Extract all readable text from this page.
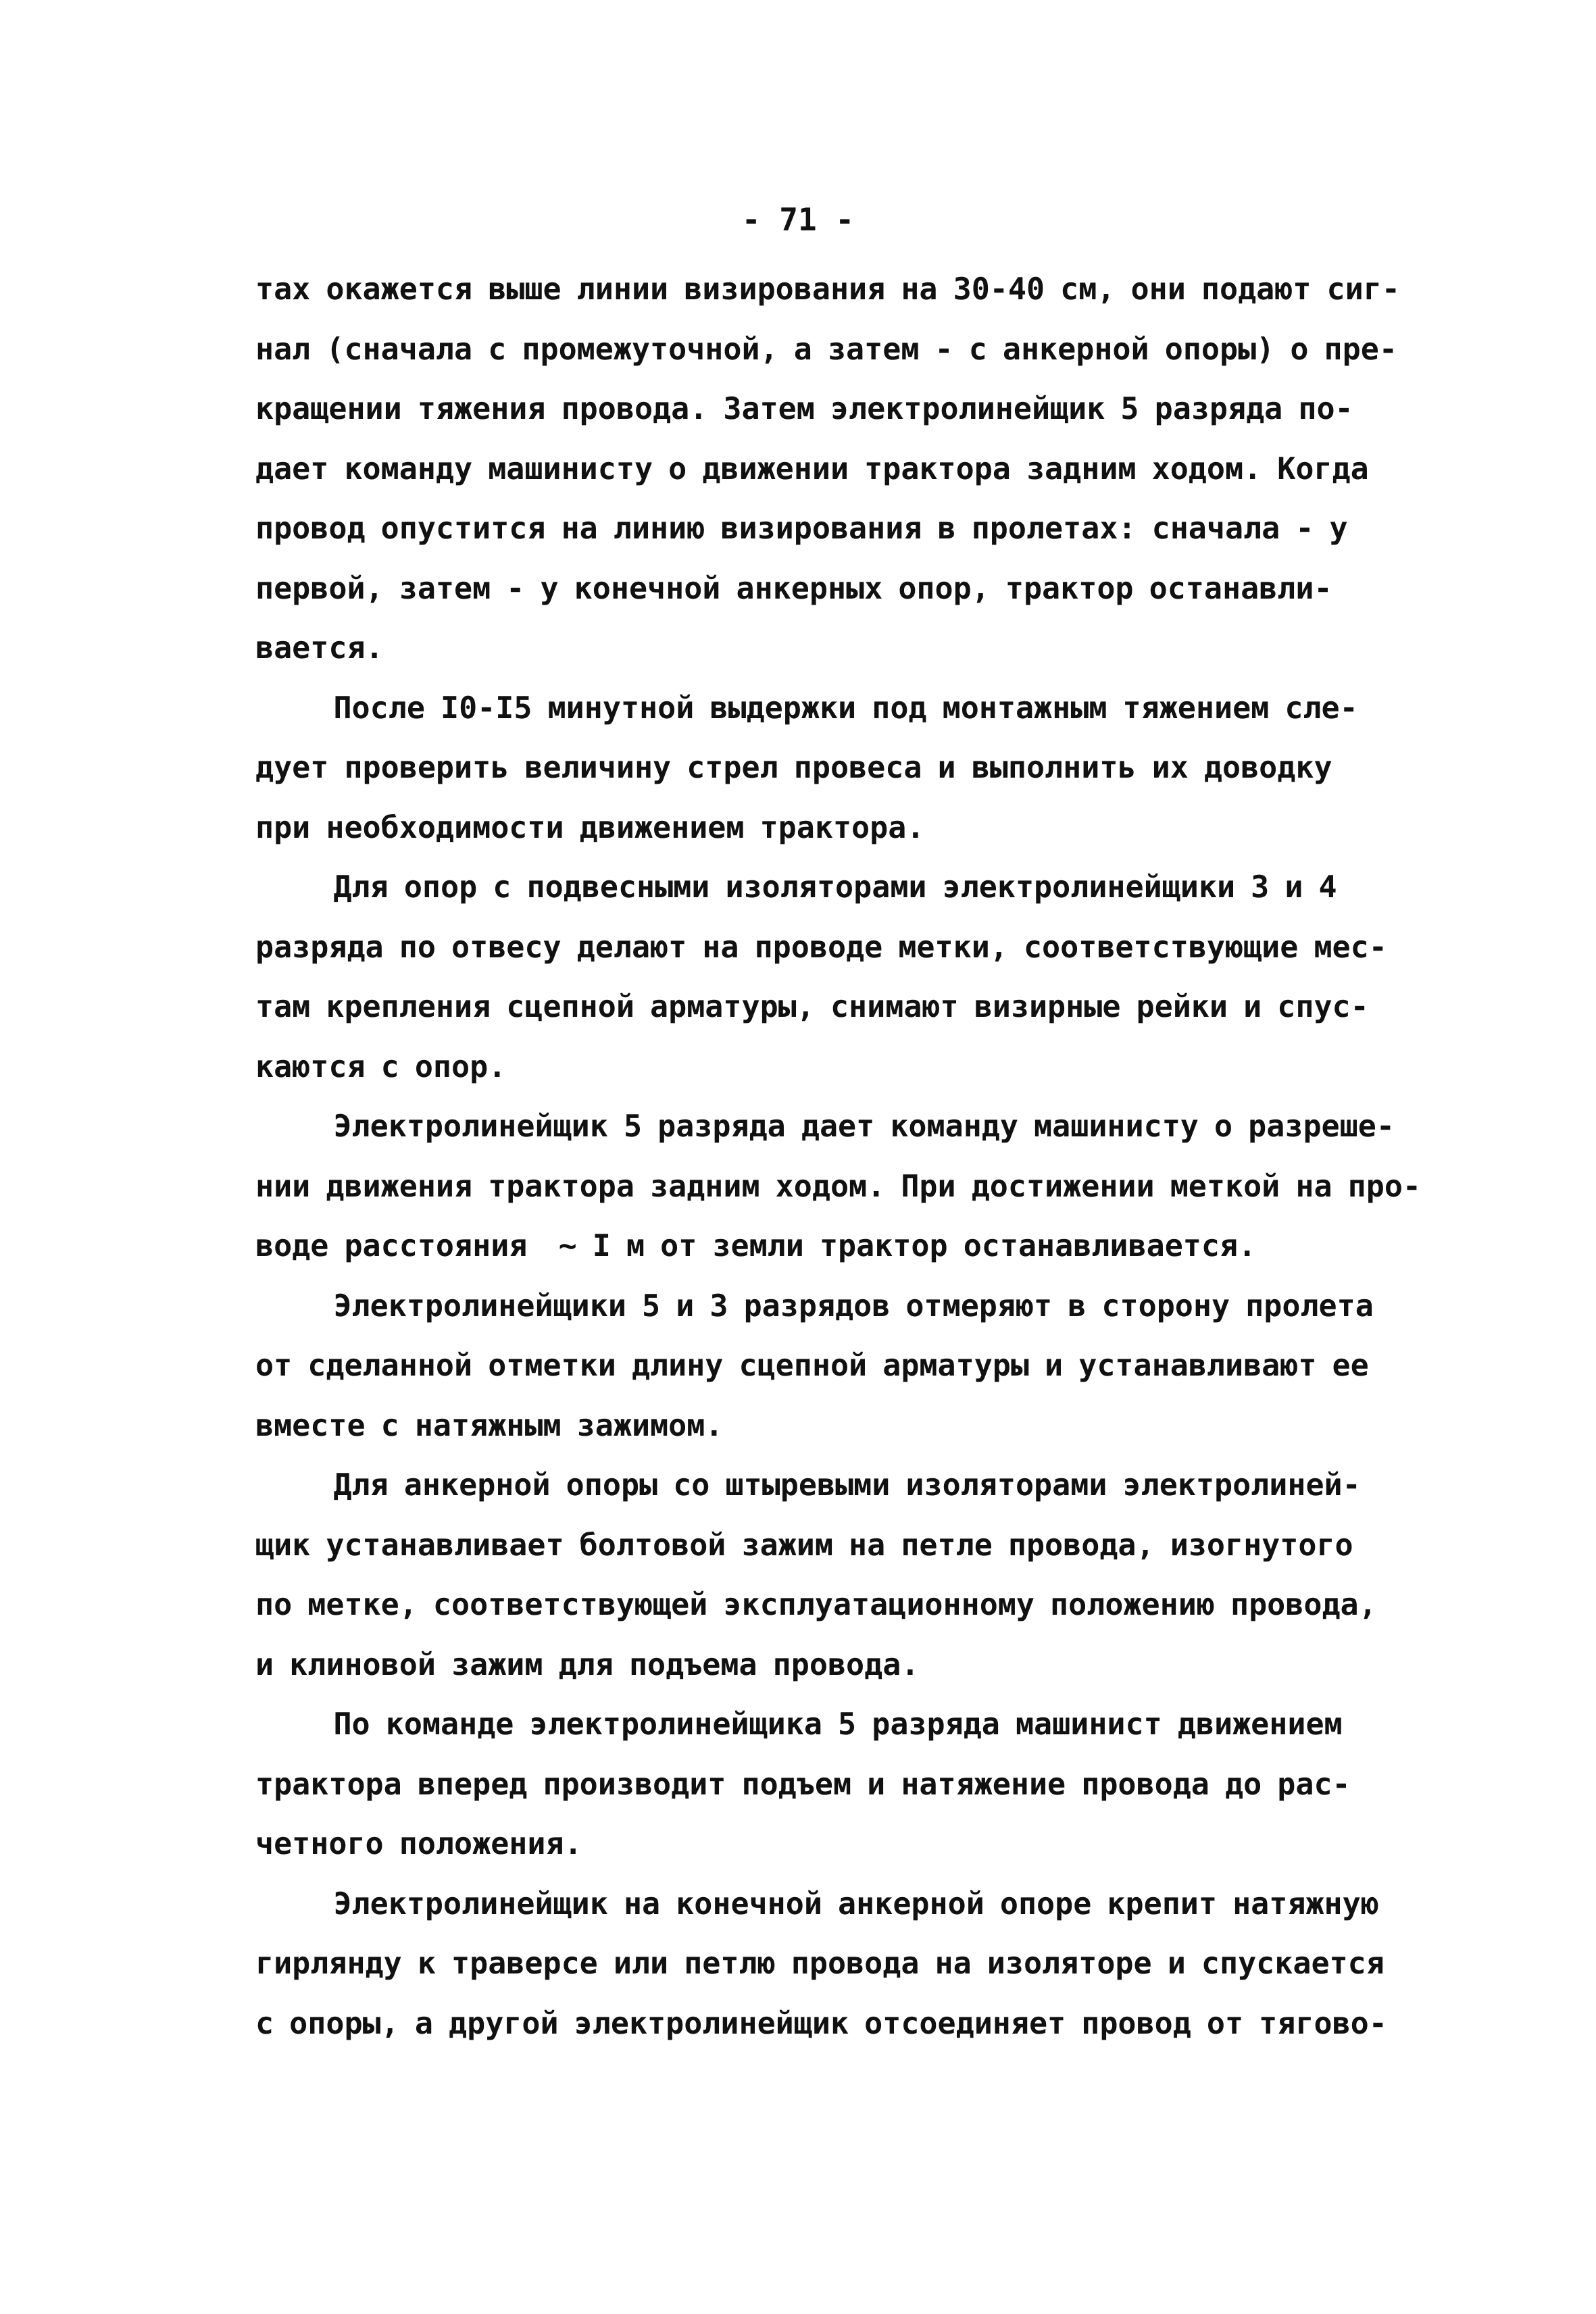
- 71 -
тах окажется выше линии визирования на 30-40 см, они подают сиг-
нал (сначала с промежуточной, а затем - с анкерной опоры) о пре-
кращении тяжения провода. Затем электролинейщик 5 разряда по-
дает команду машинисту о движении трактора задним ходом. Когда
провод опустится на линию визирования в пролетах: сначала - у
первой, затем - у конечной анкерных опор, трактор останавли-
вается.
После I0-I5 минутной выдержки под монтажным тяжением сле-
дует проверить величину стрел провеса и выполнить их доводку
при необходимости движением трактора.
Для опор с подвесными изоляторами электролинейщики 3 и 4
разряда по отвесу делают на проводе метки, соответствующие мес-
там крепления сцепной арматуры, снимают визирные рейки и спус-
каются с опор.
Электролинейщик 5 разряда дает команду машинисту о разреше-
нии движения трактора задним ходом. При достижении меткой на про-
воде расстояния  ~ I м от земли трактор останавливается.
Электролинейщики 5 и 3 разрядов отмеряют в сторону пролета
от сделанной отметки длину сцепной арматуры и устанавливают ее
вместе с натяжным зажимом.
Для анкерной опоры со штыревыми изоляторами электролиней-
щик устанавливает болтовой зажим на петле провода, изогнутого
по метке, соответствующей эксплуатационному положению провода,
и клиновой зажим для подъема провода.
По команде электролинейщика 5 разряда машинист движением
трактора вперед производит подъем и натяжение провода до рас-
четного положения.
Электролинейщик на конечной анкерной опоре крепит натяжную
гирлянду к траверсе или петлю провода на изоляторе и спускается
с опоры, а другой электролинейщик отсоединяет провод от тягово-
